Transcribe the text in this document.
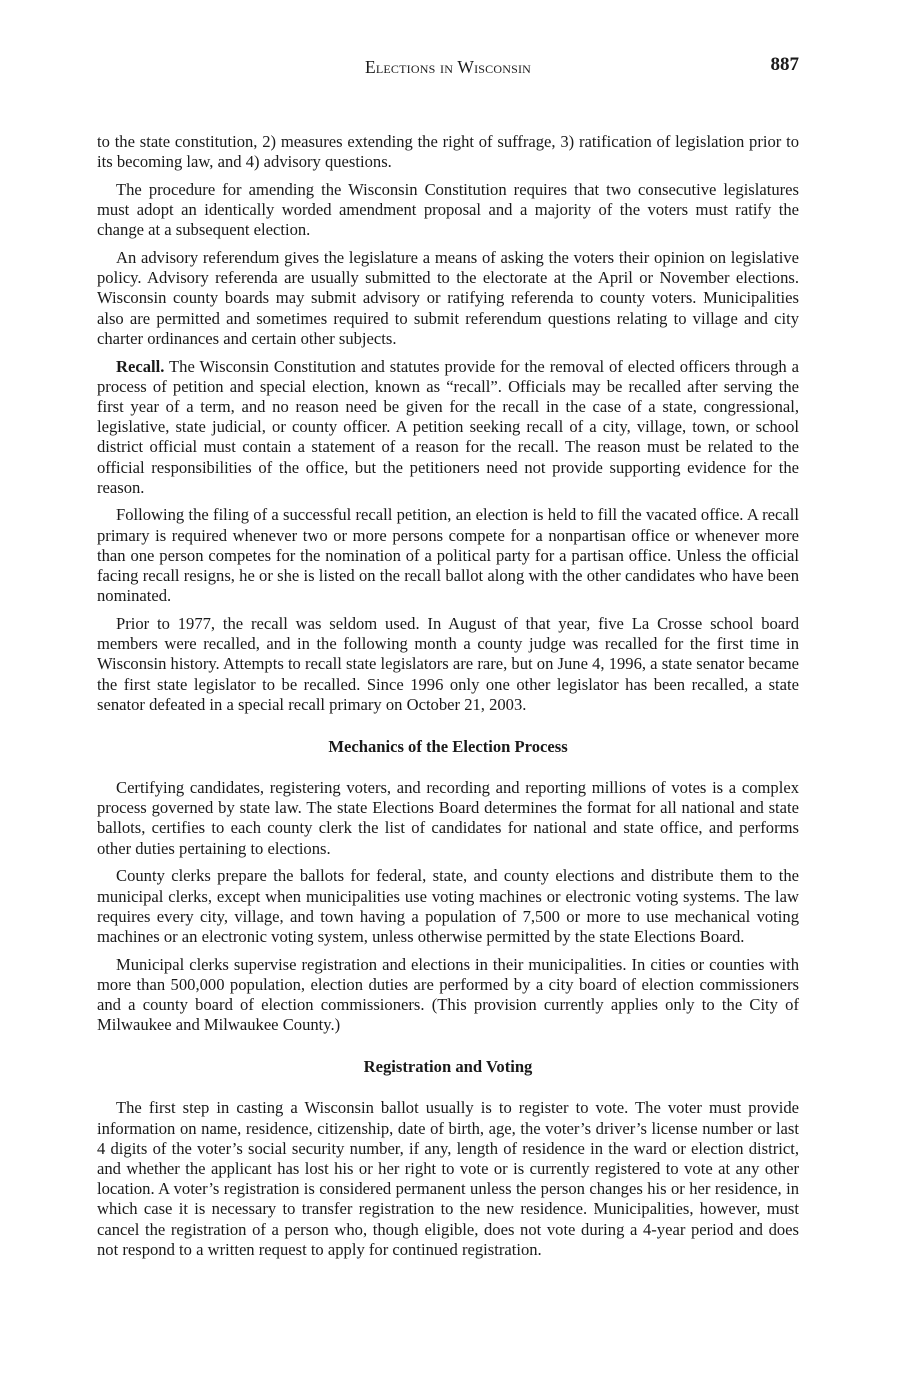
Elections in Wisconsin	887

to the state constitution, 2) measures extending the right of suffrage, 3) ratification of legislation prior to its becoming law, and 4) advisory questions.

The procedure for amending the Wisconsin Constitution requires that two consecutive legislatures must adopt an identically worded amendment proposal and a majority of the voters must ratify the change at a subsequent election.

An advisory referendum gives the legislature a means of asking the voters their opinion on legislative policy. Advisory referenda are usually submitted to the electorate at the April or November elections. Wisconsin county boards may submit advisory or ratifying referenda to county voters. Municipalities also are permitted and sometimes required to submit referendum questions relating to village and city charter ordinances and certain other subjects.

Recall. The Wisconsin Constitution and statutes provide for the removal of elected officers through a process of petition and special election, known as “recall”. Officials may be recalled after serving the first year of a term, and no reason need be given for the recall in the case of a state, congressional, legislative, state judicial, or county officer. A petition seeking recall of a city, village, town, or school district official must contain a statement of a reason for the recall. The reason must be related to the official responsibilities of the office, but the petitioners need not provide supporting evidence for the reason.

Following the filing of a successful recall petition, an election is held to fill the vacated office. A recall primary is required whenever two or more persons compete for a nonpartisan office or whenever more than one person competes for the nomination of a political party for a partisan office. Unless the official facing recall resigns, he or she is listed on the recall ballot along with the other candidates who have been nominated.

Prior to 1977, the recall was seldom used. In August of that year, five La Crosse school board members were recalled, and in the following month a county judge was recalled for the first time in Wisconsin history. Attempts to recall state legislators are rare, but on June 4, 1996, a state senator became the first state legislator to be recalled. Since 1996 only one other legislator has been recalled, a state senator defeated in a special recall primary on October 21, 2003.

Mechanics of the Election Process

Certifying candidates, registering voters, and recording and reporting millions of votes is a complex process governed by state law. The state Elections Board determines the format for all national and state ballots, certifies to each county clerk the list of candidates for national and state office, and performs other duties pertaining to elections.

County clerks prepare the ballots for federal, state, and county elections and distribute them to the municipal clerks, except when municipalities use voting machines or electronic voting systems. The law requires every city, village, and town having a population of 7,500 or more to use mechanical voting machines or an electronic voting system, unless otherwise permitted by the state Elections Board.

Municipal clerks supervise registration and elections in their municipalities. In cities or counties with more than 500,000 population, election duties are performed by a city board of election commissioners and a county board of election commissioners. (This provision currently applies only to the City of Milwaukee and Milwaukee County.)

Registration and Voting

The first step in casting a Wisconsin ballot usually is to register to vote. The voter must provide information on name, residence, citizenship, date of birth, age, the voter’s driver’s license number or last 4 digits of the voter’s social security number, if any, length of residence in the ward or election district, and whether the applicant has lost his or her right to vote or is currently registered to vote at any other location. A voter’s registration is considered permanent unless the person changes his or her residence, in which case it is necessary to transfer registration to the new residence. Municipalities, however, must cancel the registration of a person who, though eligible, does not vote during a 4-year period and does not respond to a written request to apply for continued registration.
